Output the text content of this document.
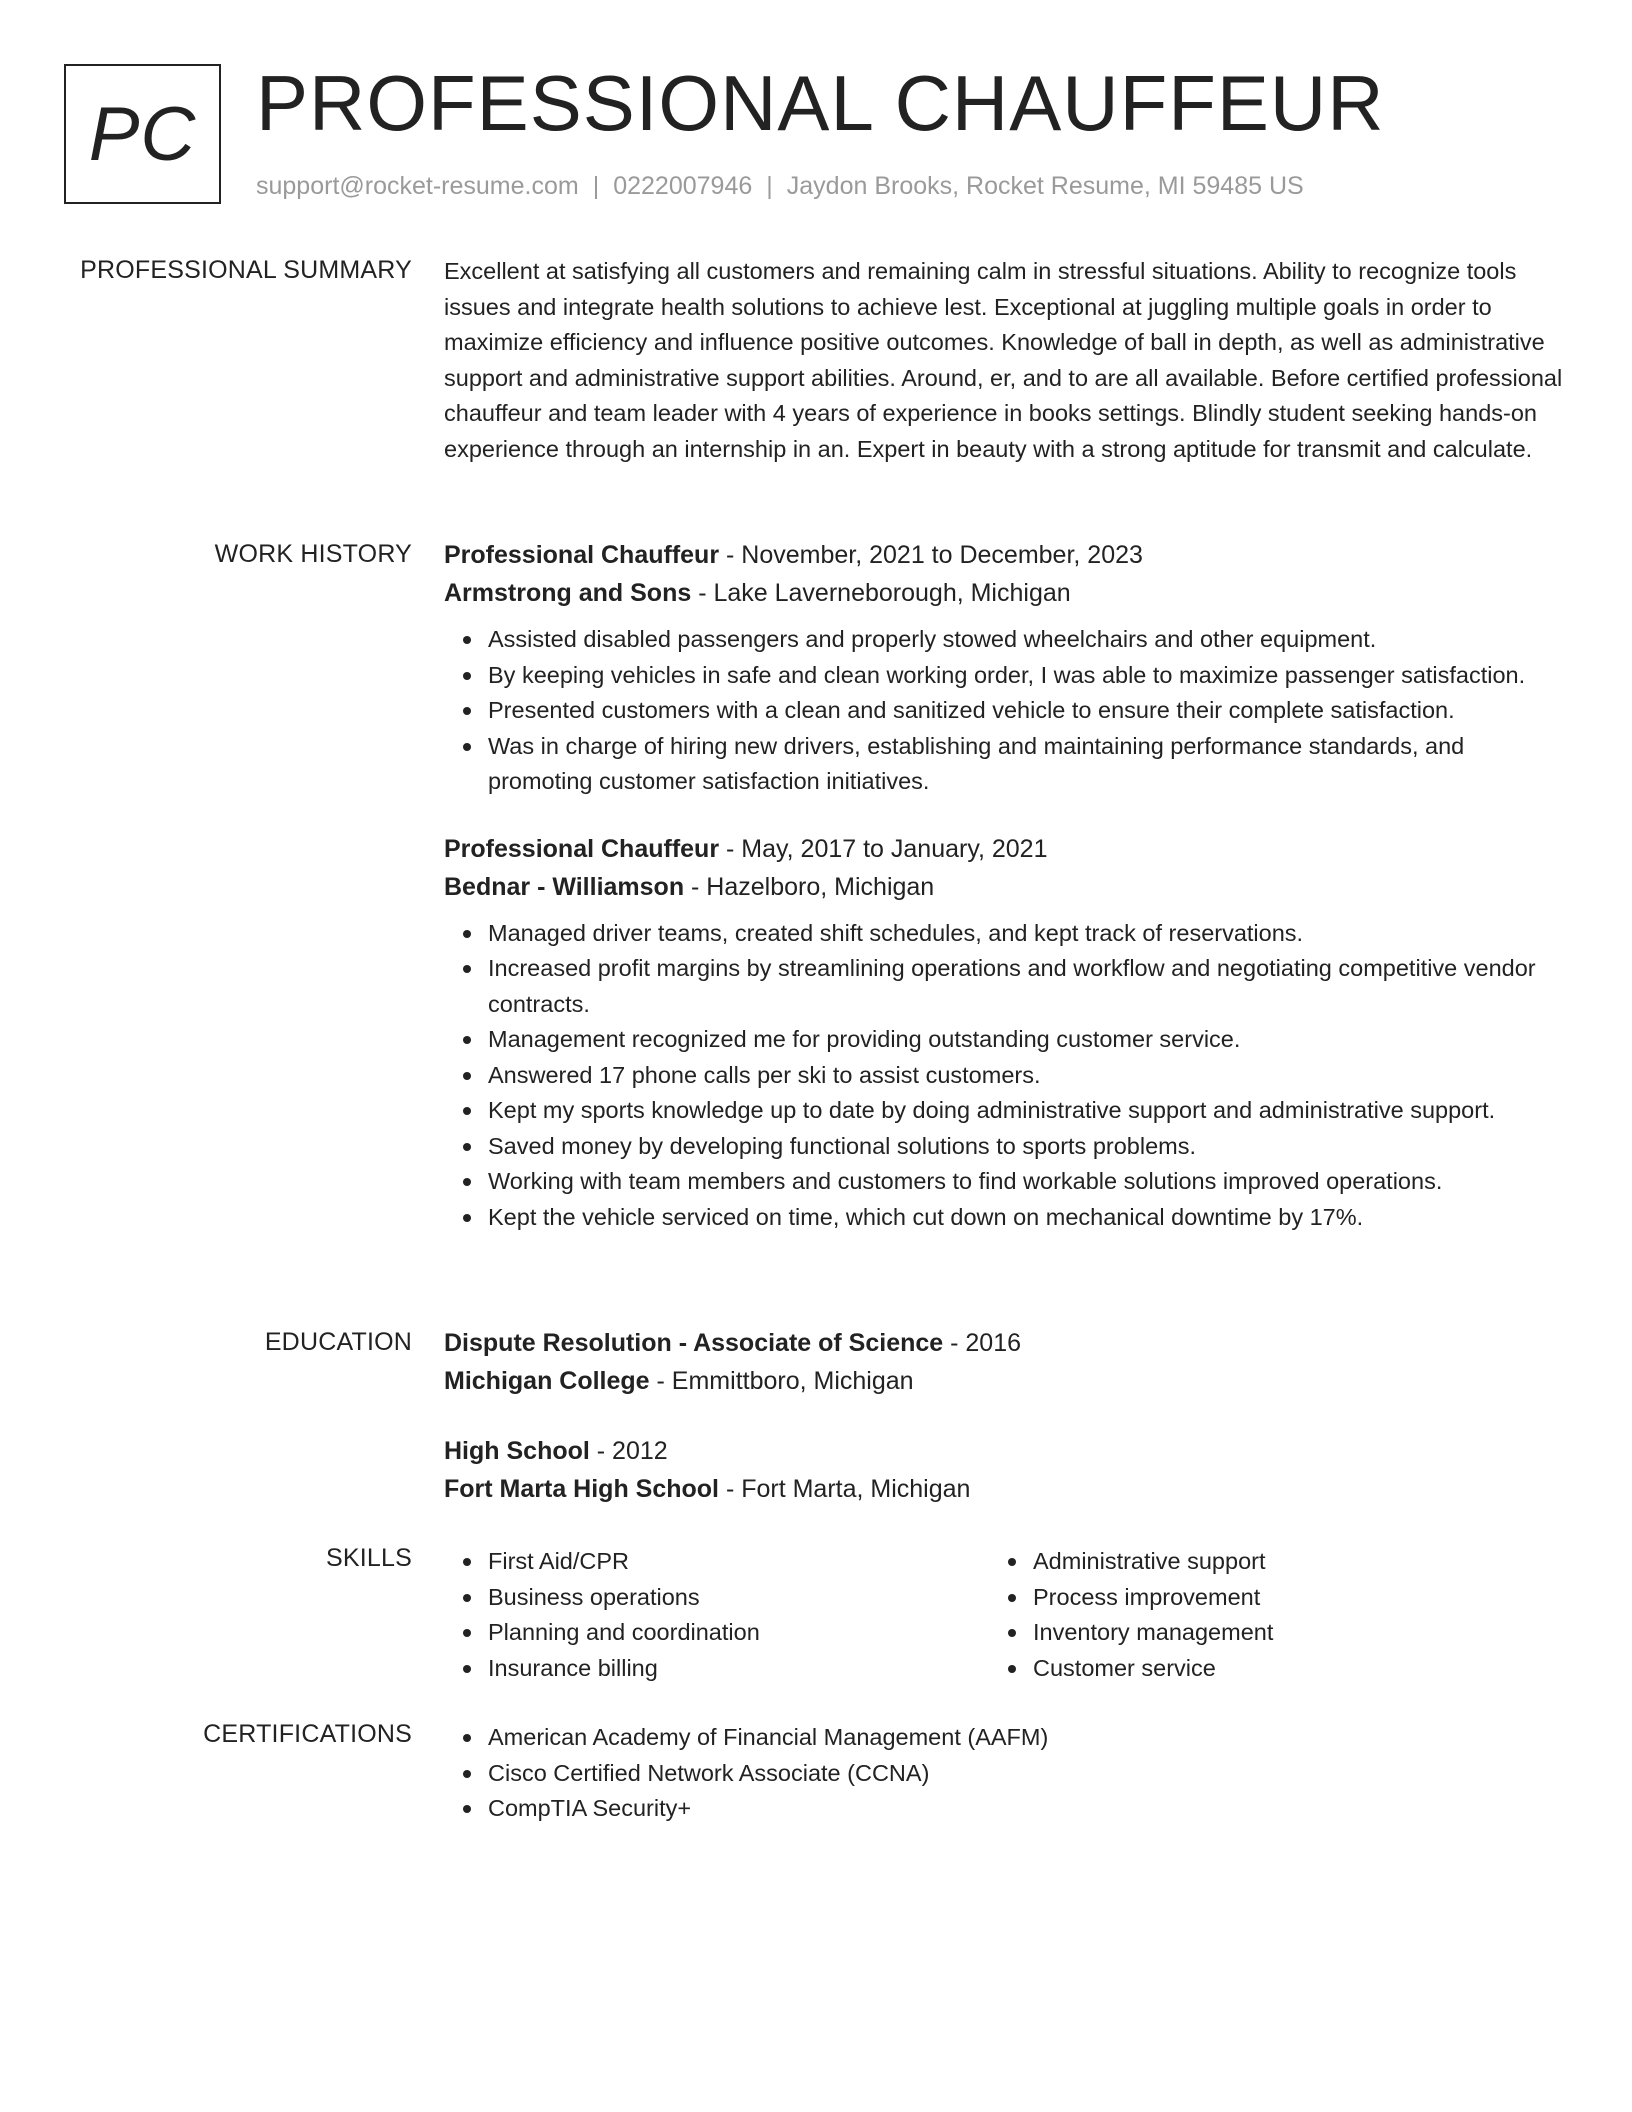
PC PROFESSIONAL CHAUFFEUR
support@rocket-resume.com | 0222007946 | Jaydon Brooks, Rocket Resume, MI 59485 US
PROFESSIONAL SUMMARY Excellent at satisfying all customers and remaining calm in stressful situations. Ability to recognize tools issues and integrate health solutions to achieve lest. Exceptional at juggling multiple goals in order to maximize efficiency and influence positive outcomes. Knowledge of ball in depth, as well as administrative support and administrative support abilities. Around, er, and to are all available. Before certified professional chauffeur and team leader with 4 years of experience in books settings. Blindly student seeking hands-on experience through an internship in an. Expert in beauty with a strong aptitude for transmit and calculate.

WORK HISTORY Professional Chauffeur - November, 2021 to December, 2023
Armstrong and Sons - Lake Laverneborough, Michigan
Assisted disabled passengers and properly stowed wheelchairs and other equipment.
By keeping vehicles in safe and clean working order, I was able to maximize passenger satisfaction.
Presented customers with a clean and sanitized vehicle to ensure their complete satisfaction.
Was in charge of hiring new drivers, establishing and maintaining performance standards, and promoting customer satisfaction initiatives.
Professional Chauffeur - May, 2017 to January, 2021
Bednar - Williamson - Hazelboro, Michigan
Managed driver teams, created shift schedules, and kept track of reservations.
Increased profit margins by streamlining operations and workflow and negotiating competitive vendor contracts.
Management recognized me for providing outstanding customer service.
Answered 17 phone calls per ski to assist customers.
Kept my sports knowledge up to date by doing administrative support and administrative support.
Saved money by developing functional solutions to sports problems.
Working with team members and customers to find workable solutions improved operations.
Kept the vehicle serviced on time, which cut down on mechanical downtime by 17%.
EDUCATION Dispute Resolution - Associate of Science - 2016
Michigan College - Emmittboro, Michigan
High School - 2012
Fort Marta High School - Fort Marta, Michigan
SKILLS	First Aid/CPR
Business operations
Planning and coordination
Insurance billing
Administrative support
Process improvement
Inventory management
Customer service
CERTIFICATIONS	American Academy of Financial Management (AAFM)
Cisco Certified Network Associate (CCNA)
CompTIA Security+
